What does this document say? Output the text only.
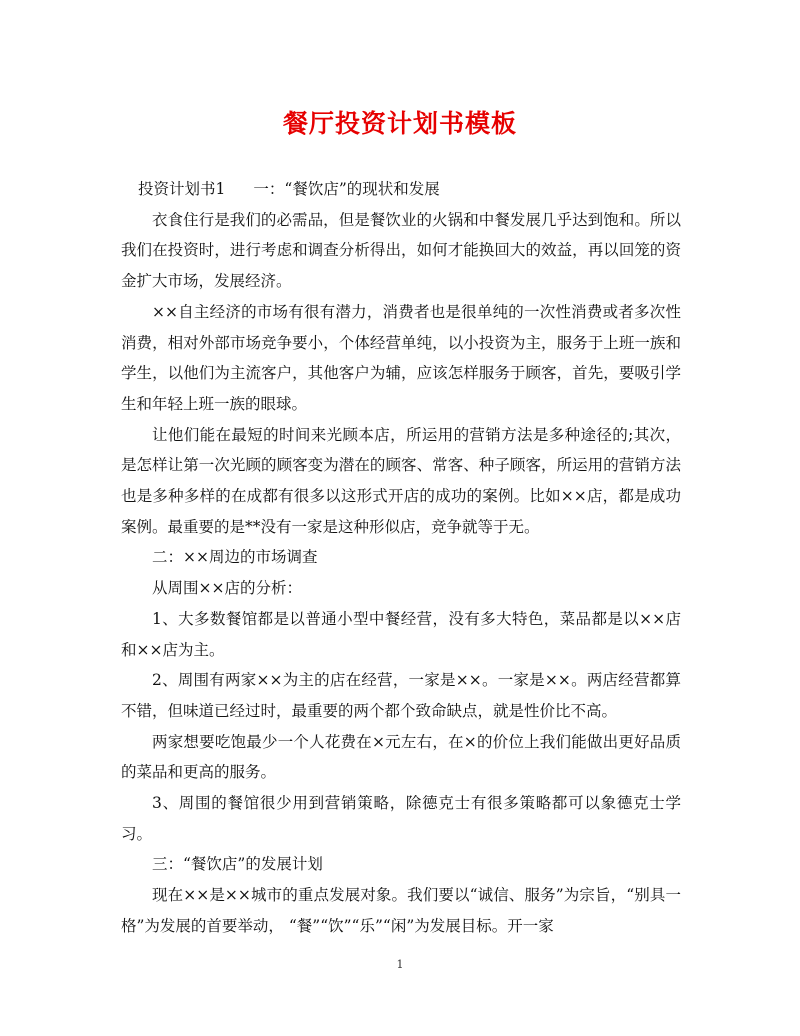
餐厅投资计划书模板

投资计划书1 一：“餐饮店”的现状和发展

衣食住行是我们的必需品，但是餐饮业的火锅和中餐发展几乎达到饱和。所以我们在投资时，进行考虑和调查分析得出，如何才能换回大的效益，再以回笼的资金扩大市场，发展经济。

××自主经济的市场有很有潜力，消费者也是很单纯的一次性消费或者多次性消费，相对外部市场竞争要小，个体经营单纯，以小投资为主，服务于上班一族和学生，以他们为主流客户，其他客户为辅，应该怎样服务于顾客，首先，要吸引学生和年轻上班一族的眼球。

让他们能在最短的时间来光顾本店，所运用的营销方法是多种途径的;其次，是怎样让第一次光顾的顾客变为潜在的顾客、常客、种子顾客，所运用的营销方法也是多种多样的在成都有很多以这形式开店的成功的案例。比如××店，都是成功案例。最重要的是**没有一家是这种形似店，竞争就等于无。

二：××周边的市场调查

从周围××店的分析：

1、大多数餐馆都是以普通小型中餐经营，没有多大特色，菜品都是以××店和××店为主。

2、周围有两家××为主的店在经营，一家是××。一家是××。两店经营都算不错，但味道已经过时，最重要的两个都个致命缺点，就是性价比不高。

两家想要吃饱最少一个人花费在×元左右，在×的价位上我们能做出更好品质的菜品和更高的服务。

3、周围的餐馆很少用到营销策略，除德克士有很多策略都可以象德克士学习。

三：“餐饮店”的发展计划

现在××是××城市的重点发展对象。我们要以“诚信、服务”为宗旨，“别具一格”为发展的首要举动， “餐”“饮”“乐”“闲”为发展目标。开一家

1
